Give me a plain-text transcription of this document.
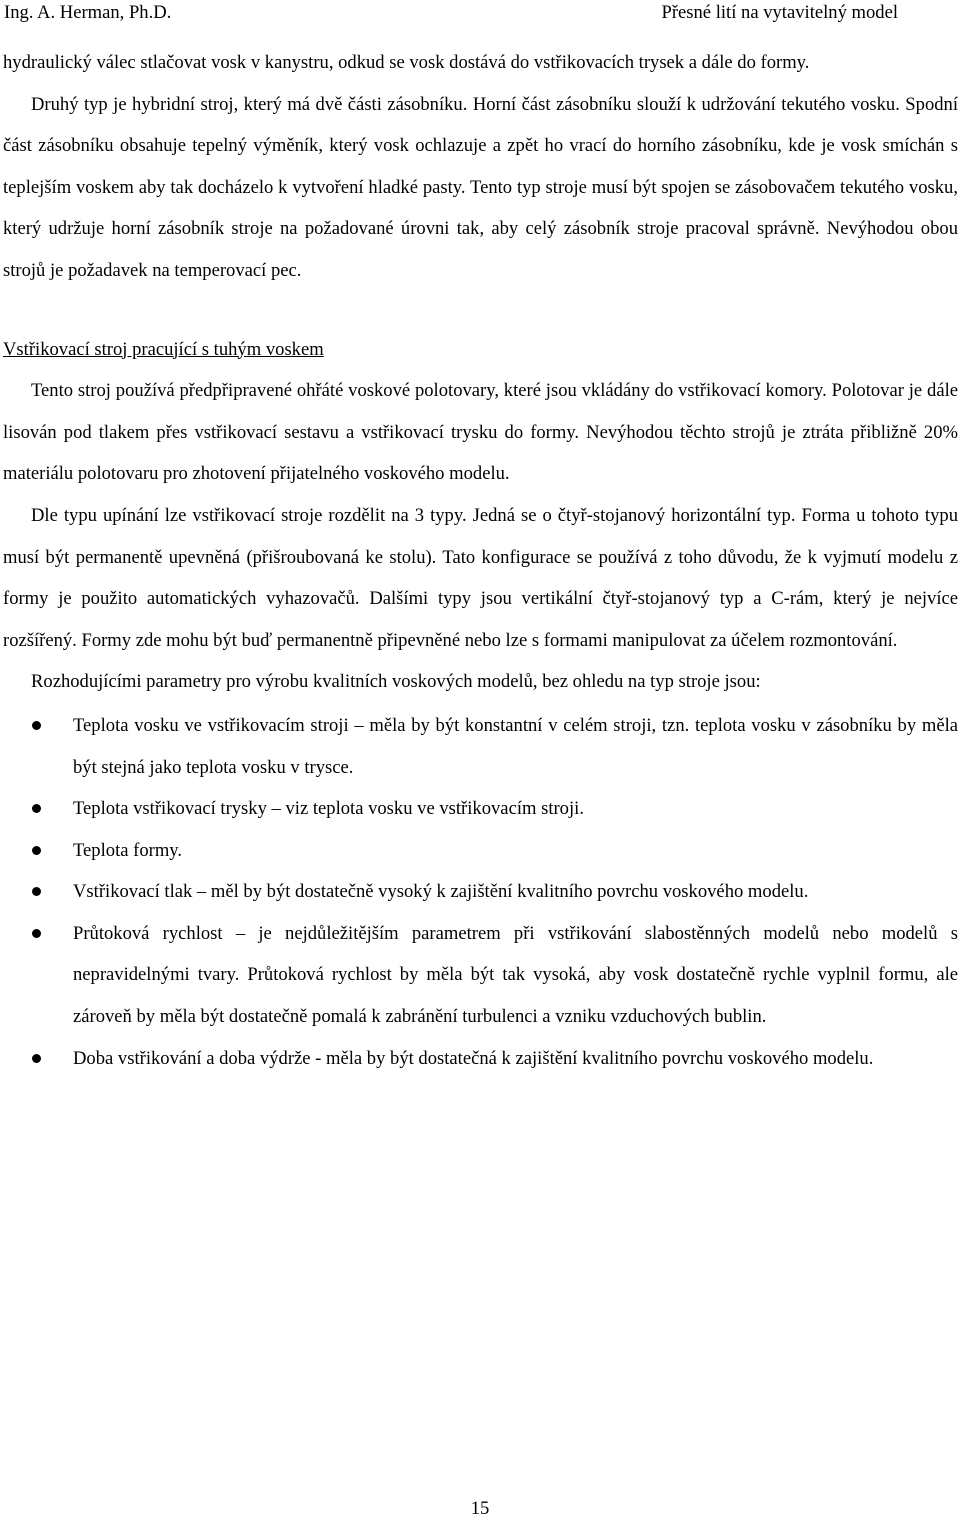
Ing. A. Herman, Ph.D.	Přesné lití na vytavitelný model

hydraulický válec stlačovat vosk v kanystru, odkud se vosk dostává do vstřikovacích trysek a dále do formy.

Druhý typ je hybridní stroj, který má dvě části zásobníku. Horní část zásobníku slouží k udržování tekutého vosku. Spodní část zásobníku obsahuje tepelný výměník, který vosk ochlazuje a zpět ho vrací do horního zásobníku, kde je vosk smíchán s teplejším voskem aby tak docházelo k vytvoření hladké pasty. Tento typ stroje musí být spojen se zásobovačem tekutého vosku, který udržuje horní zásobník stroje na požadované úrovni tak, aby celý zásobník stroje pracoval správně. Nevýhodou obou strojů je požadavek na temperovací pec.

Vstřikovací stroj pracující s tuhým voskem

Tento stroj používá předpřipravené ohřáté voskové polotovary, které jsou vkládány do vstřikovací komory. Polotovar je dále lisován pod tlakem přes vstřikovací sestavu a vstřikovací trysku do formy. Nevýhodou těchto strojů je ztráta přibližně 20% materiálu polotovaru pro zhotovení přijatelného voskového modelu.

Dle typu upínání lze vstřikovací stroje rozdělit na 3 typy. Jedná se o čtyř-stojanový horizontální typ. Forma u tohoto typu musí být permanentě upevněná (přišroubovaná ke stolu). Tato konfigurace se používá z toho důvodu, že k vyjmutí modelu z formy je použito automatických vyhazovačů. Dalšími typy jsou vertikální čtyř-stojanový typ a C-rám, který je nejvíce rozšířený. Formy zde mohu být buď permanentně připevněné nebo lze s formami manipulovat za účelem rozmontování.

Rozhodujícími parametry pro výrobu kvalitních voskových modelů, bez ohledu na typ stroje jsou:

Teplota vosku ve vstřikovacím stroji – měla by být konstantní v celém stroji, tzn. teplota vosku v zásobníku by měla být stejná jako teplota vosku v trysce.
Teplota vstřikovací trysky – viz teplota vosku ve vstřikovacím stroji.
Teplota formy.
Vstřikovací tlak – měl by být dostatečně vysoký k zajištění kvalitního povrchu voskového modelu.
Průtoková rychlost – je nejdůležitějším parametrem při vstřikování slabostěnných modelů nebo modelů s nepravidelnými tvary. Průtoková rychlost by měla být tak vysoká, aby vosk dostatečně rychle vyplnil formu, ale zároveň by měla být dostatečně pomalá k zabránění turbulenci a vzniku vzduchových bublin.
Doba vstřikování a doba výdrže - měla by být dostatečná k zajištění kvalitního povrchu voskového modelu.
15
